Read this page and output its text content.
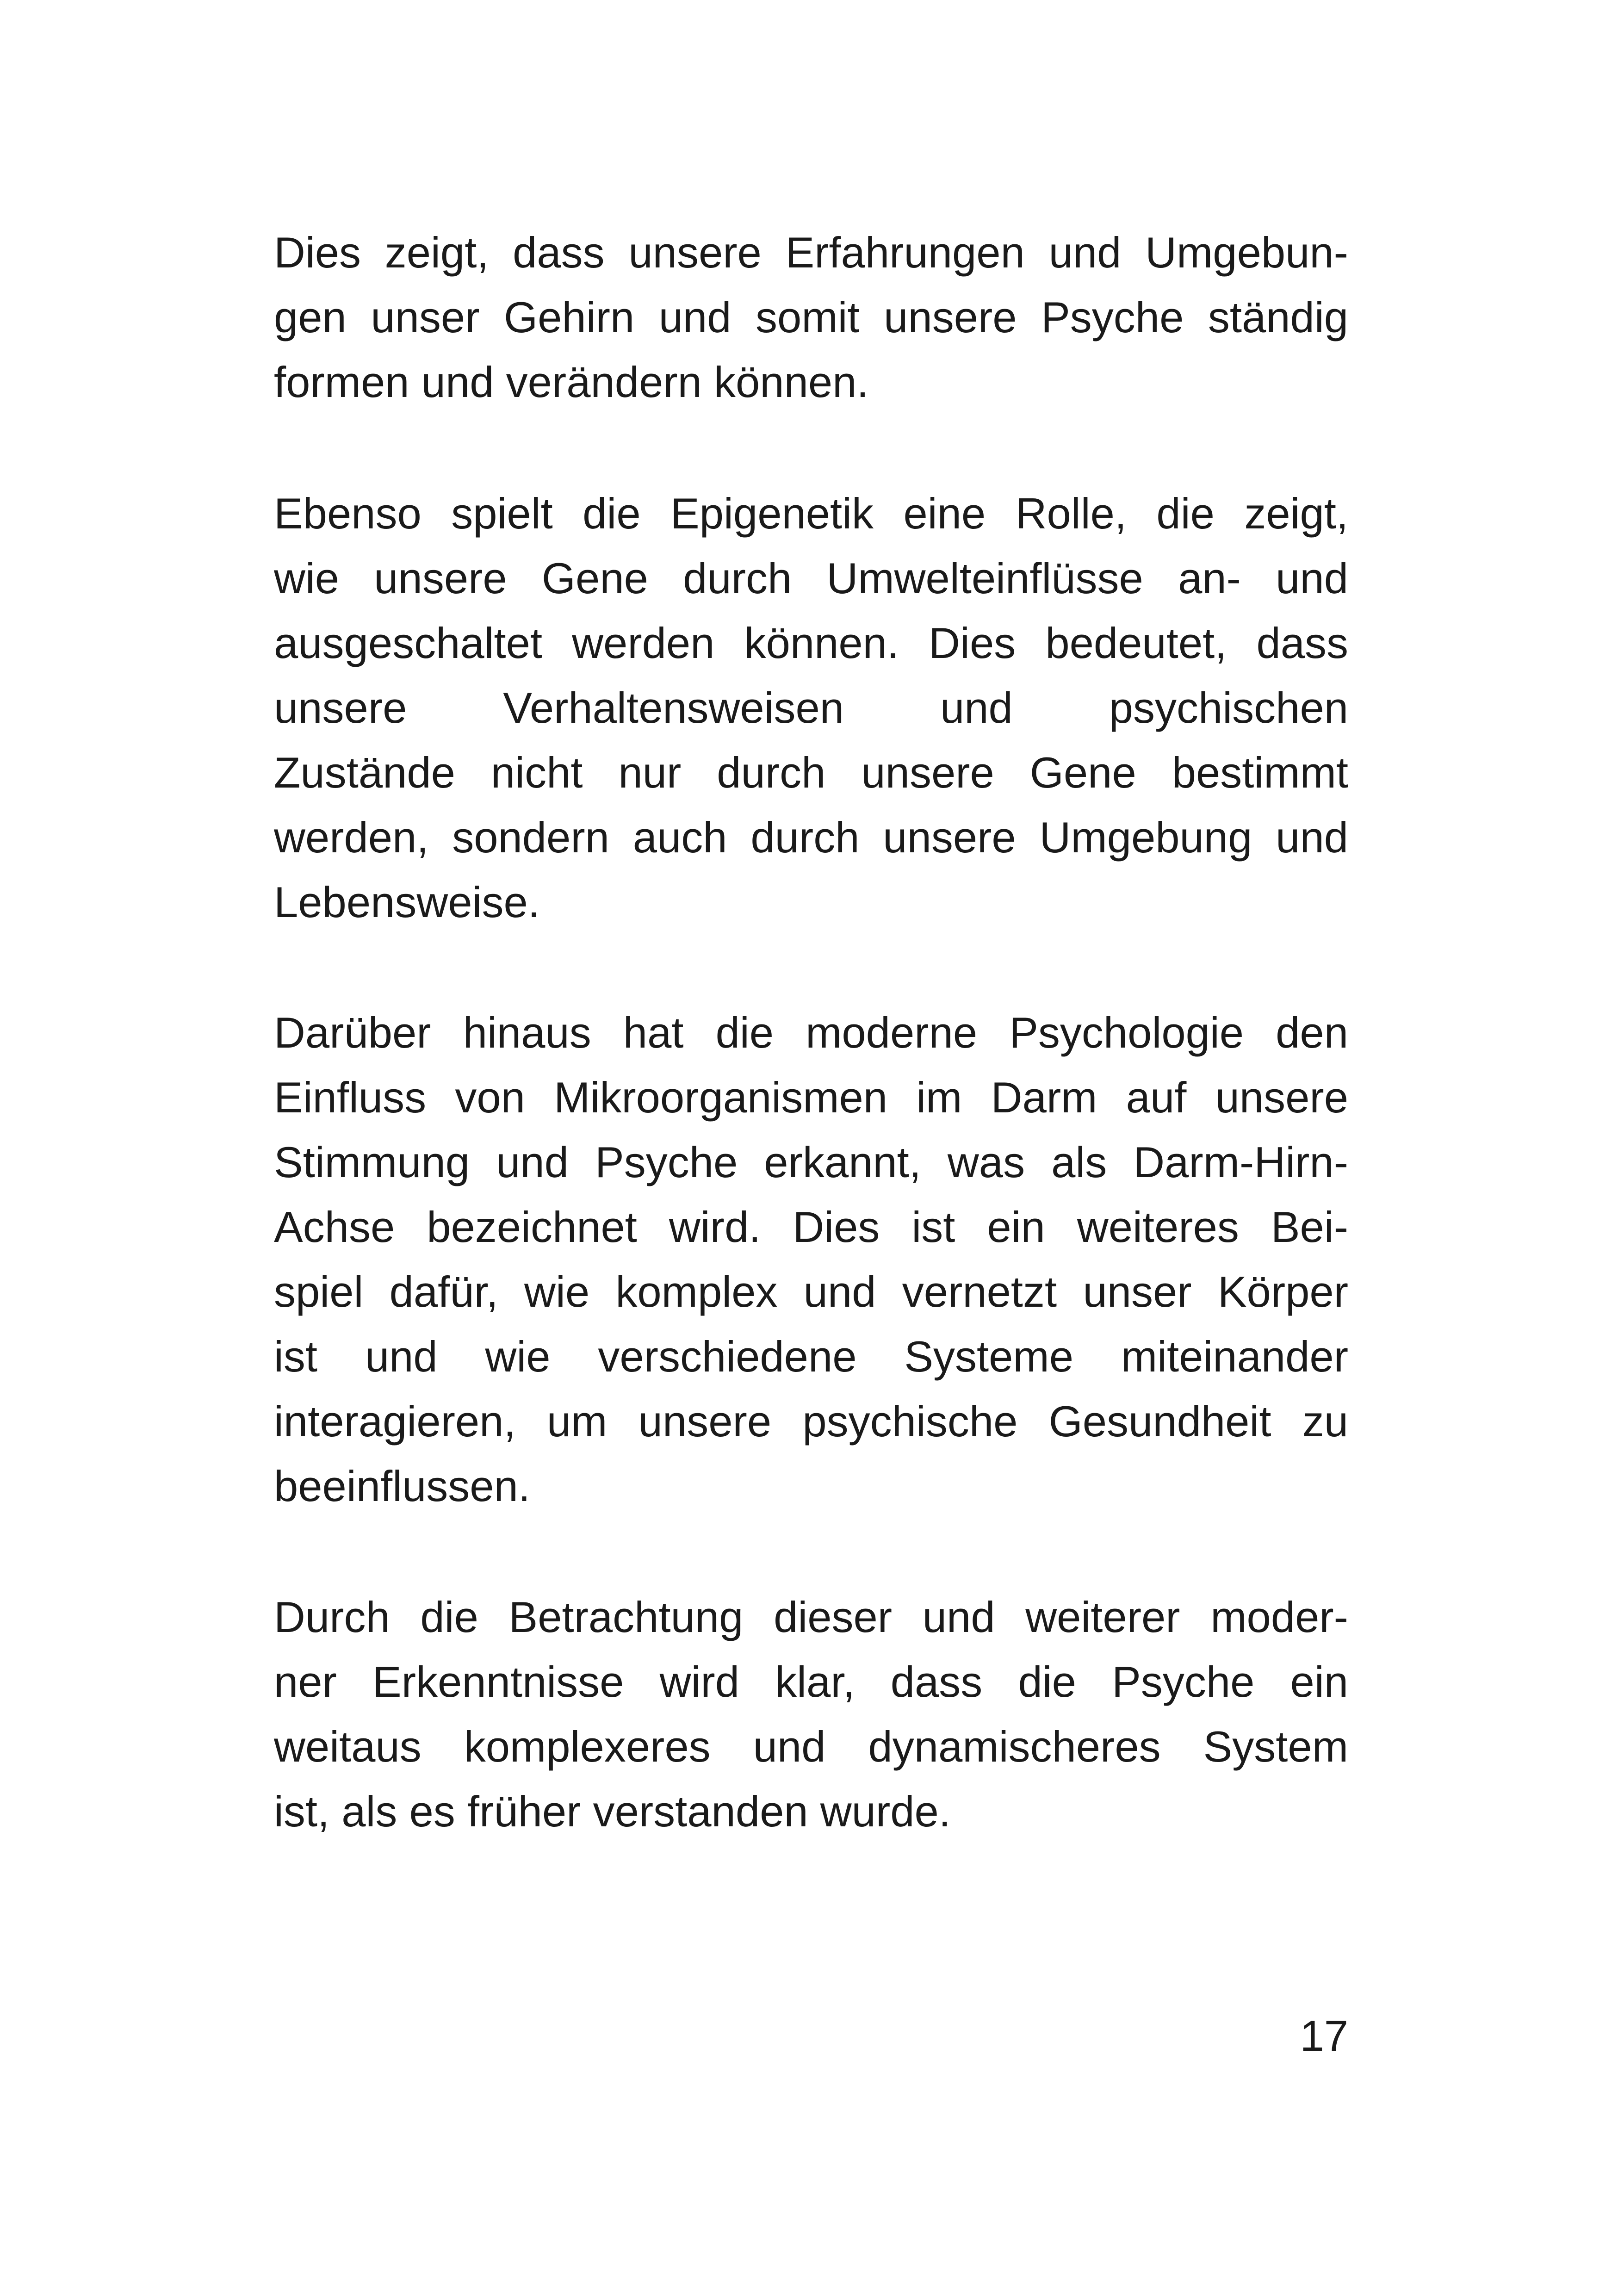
Dies zeigt, dass unsere Erfahrungen und Umgebun-
gen unser Gehirn und somit unsere Psyche ständig
formen und verändern können.
Ebenso spielt die Epigenetik eine Rolle, die zeigt,
wie unsere Gene durch Umwelteinflüsse an- und
ausgeschaltet werden können. Dies bedeutet, dass
unsere Verhaltensweisen und psychischen
Zustände nicht nur durch unsere Gene bestimmt
werden, sondern auch durch unsere Umgebung und
Lebensweise.
Darüber hinaus hat die moderne Psychologie den
Einfluss von Mikroorganismen im Darm auf unsere
Stimmung und Psyche erkannt, was als Darm-Hirn-
Achse bezeichnet wird. Dies ist ein weiteres Bei-
spiel dafür, wie komplex und vernetzt unser Körper
ist und wie verschiedene Systeme miteinander
interagieren, um unsere psychische Gesundheit zu
beeinflussen.
Durch die Betrachtung dieser und weiterer moder-
ner Erkenntnisse wird klar, dass die Psyche ein
weitaus komplexeres und dynamischeres System
ist, als es früher verstanden wurde.
17
